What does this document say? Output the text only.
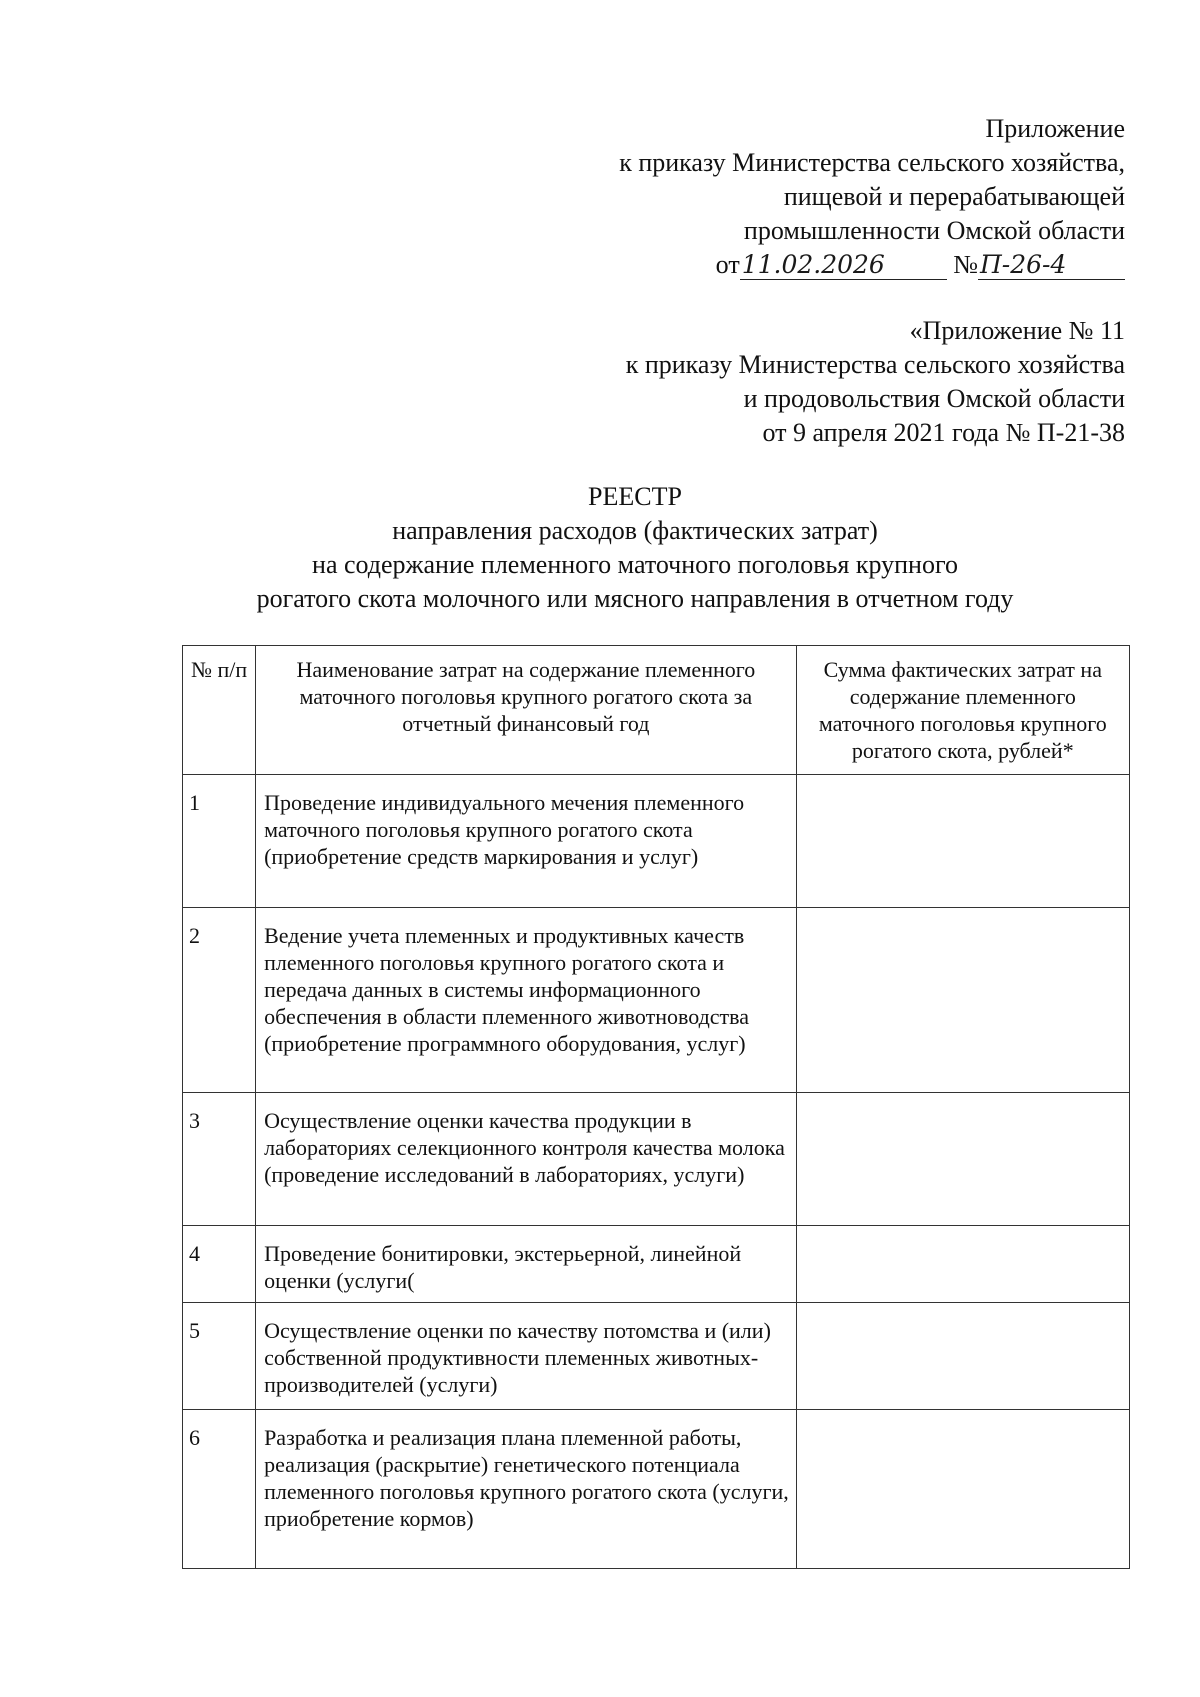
Приложение
к приказу Министерства сельского хозяйства,
пищевой и перерабатывающей
промышленности Омской области
от11.02.2026	№П-26-4
«Приложение № 11
к приказу Министерства сельского хозяйства
и продовольствия Омской области
от 9 апреля 2021 года № П-21-38
РЕЕСТР
направления расходов (фактических затрат)
на содержание племенного маточного поголовья крупного
рогатого скота молочного или мясного направления в отчетном году
№ п/п	Наименование затрат на содержание племенного маточного поголовья крупного рогатого скота за отчетный финансовый год	Сумма фактических затрат на содержание племенного маточного поголовья крупного рогатого скота, рублей*
1	Проведение индивидуального мечения племенного маточного поголовья крупного рогатого скота (приобретение средств маркирования и услуг)	
2	Ведение учета племенных и продуктивных качеств племенного поголовья крупного рогатого скота и передача данных в системы информационного обеспечения в области племенного животноводства (приобретение программного оборудования, услуг)	
3	Осуществление оценки качества продукции в лабораториях селекционного контроля качества молока (проведение исследований в лабораториях, услуги)	
4	Проведение бонитировки, экстерьерной, линейной оценки (услуги(	
5	Осуществление оценки по качеству потомства и (или) собственной продуктивности племенных животных-производителей (услуги)	
6	Разработка и реализация плана племенной работы, реализация (раскрытие) генетического потенциала племенного поголовья крупного рогатого скота (услуги, приобретение кормов)	
